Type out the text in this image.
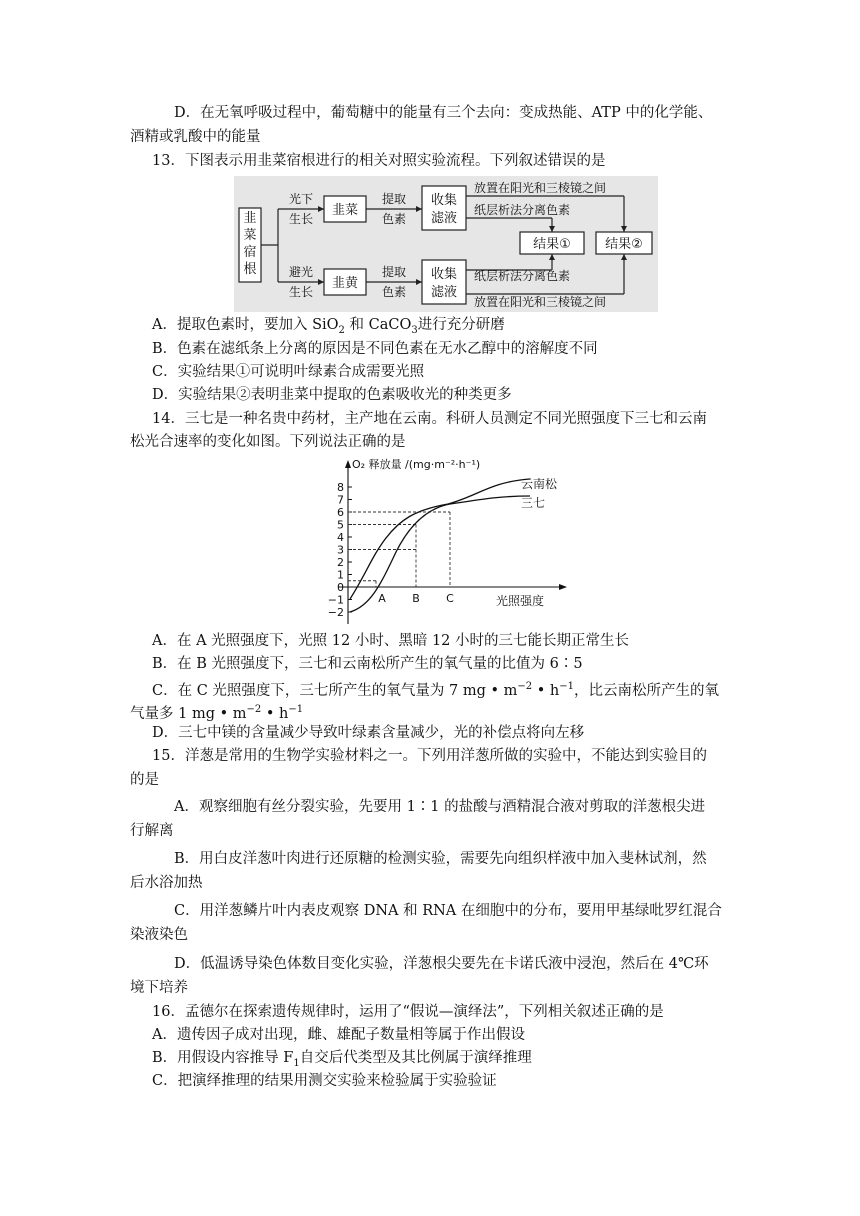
D．在无氧呼吸过程中，葡萄糖中的能量有三个去向：变成热能、ATP 中的化学能、
酒精或乳酸中的能量
13．下图表示用韭菜宿根进行的相关对照实验流程。下列叙述错误的是
韭
菜
宿
根
光下
生长
避光
生长
韭菜
韭黄
提取
色素
提取
色素
收集
滤液
收集
滤液
放置在阳光和三棱镜之间
纸层析法分离色素
纸层析法分离色素
放置在阳光和三棱镜之间
结果①	结果②
A．提取色素时，要加入 SiO$_2$ 和 CaCO$_3$进行充分研磨
B．色素在滤纸条上分离的原因是不同色素在无水乙醇中的溶解度不同
C．实验结果①可说明叶绿素合成需要光照
D．实验结果②表明韭菜中提取的色素吸收光的种类更多
14．三七是一种名贵中药材，主产地在云南。科研人员测定不同光照强度下三七和云南
松光合速率的变化如图。下列说法正确的是
O₂ 释放量 /(mg·m⁻²·h⁻¹)
光照强度
8
7
6
5
4
3
2
1
0
−1
−2
A B C
云南松
三七
A．在 A 光照强度下，光照 12 小时、黑暗 12 小时的三七能长期正常生长
B．在 B 光照强度下，三七和云南松所产生的氧气量的比值为 6∶5
C．在 C 光照强度下，三七所产生的氧气量为 7 mg • $m^{-2}$ • $h^{-1}$，比云南松所产生的氧
气量多 1 mg • $m^{-2}$ • $h^{-1}$
D．三七中镁的含量减少导致叶绿素含量减少，光的补偿点将向左移
15．洋葱是常用的生物学实验材料之一。下列用洋葱所做的实验中，不能达到实验目的
的是
A．观察细胞有丝分裂实验，先要用 1∶1 的盐酸与酒精混合液对剪取的洋葱根尖进
行解离
B．用白皮洋葱叶肉进行还原糖的检测实验，需要先向组织样液中加入斐林试剂，然
后水浴加热
C．用洋葱鳞片叶内表皮观察 DNA 和 RNA 在细胞中的分布，要用甲基绿吡罗红混合
染液染色
D．低温诱导染色体数目变化实验，洋葱根尖要先在卡诺氏液中浸泡，然后在 4℃环
境下培养
16．孟德尔在探索遗传规律时，运用了“假说—演绎法”，下列相关叙述正确的是
A．遗传因子成对出现，雌、雄配子数量相等属于作出假设
B．用假设内容推导 $F_1$自交后代类型及其比例属于演绎推理
C．把演绎推理的结果用测交实验来检验属于实验验证
